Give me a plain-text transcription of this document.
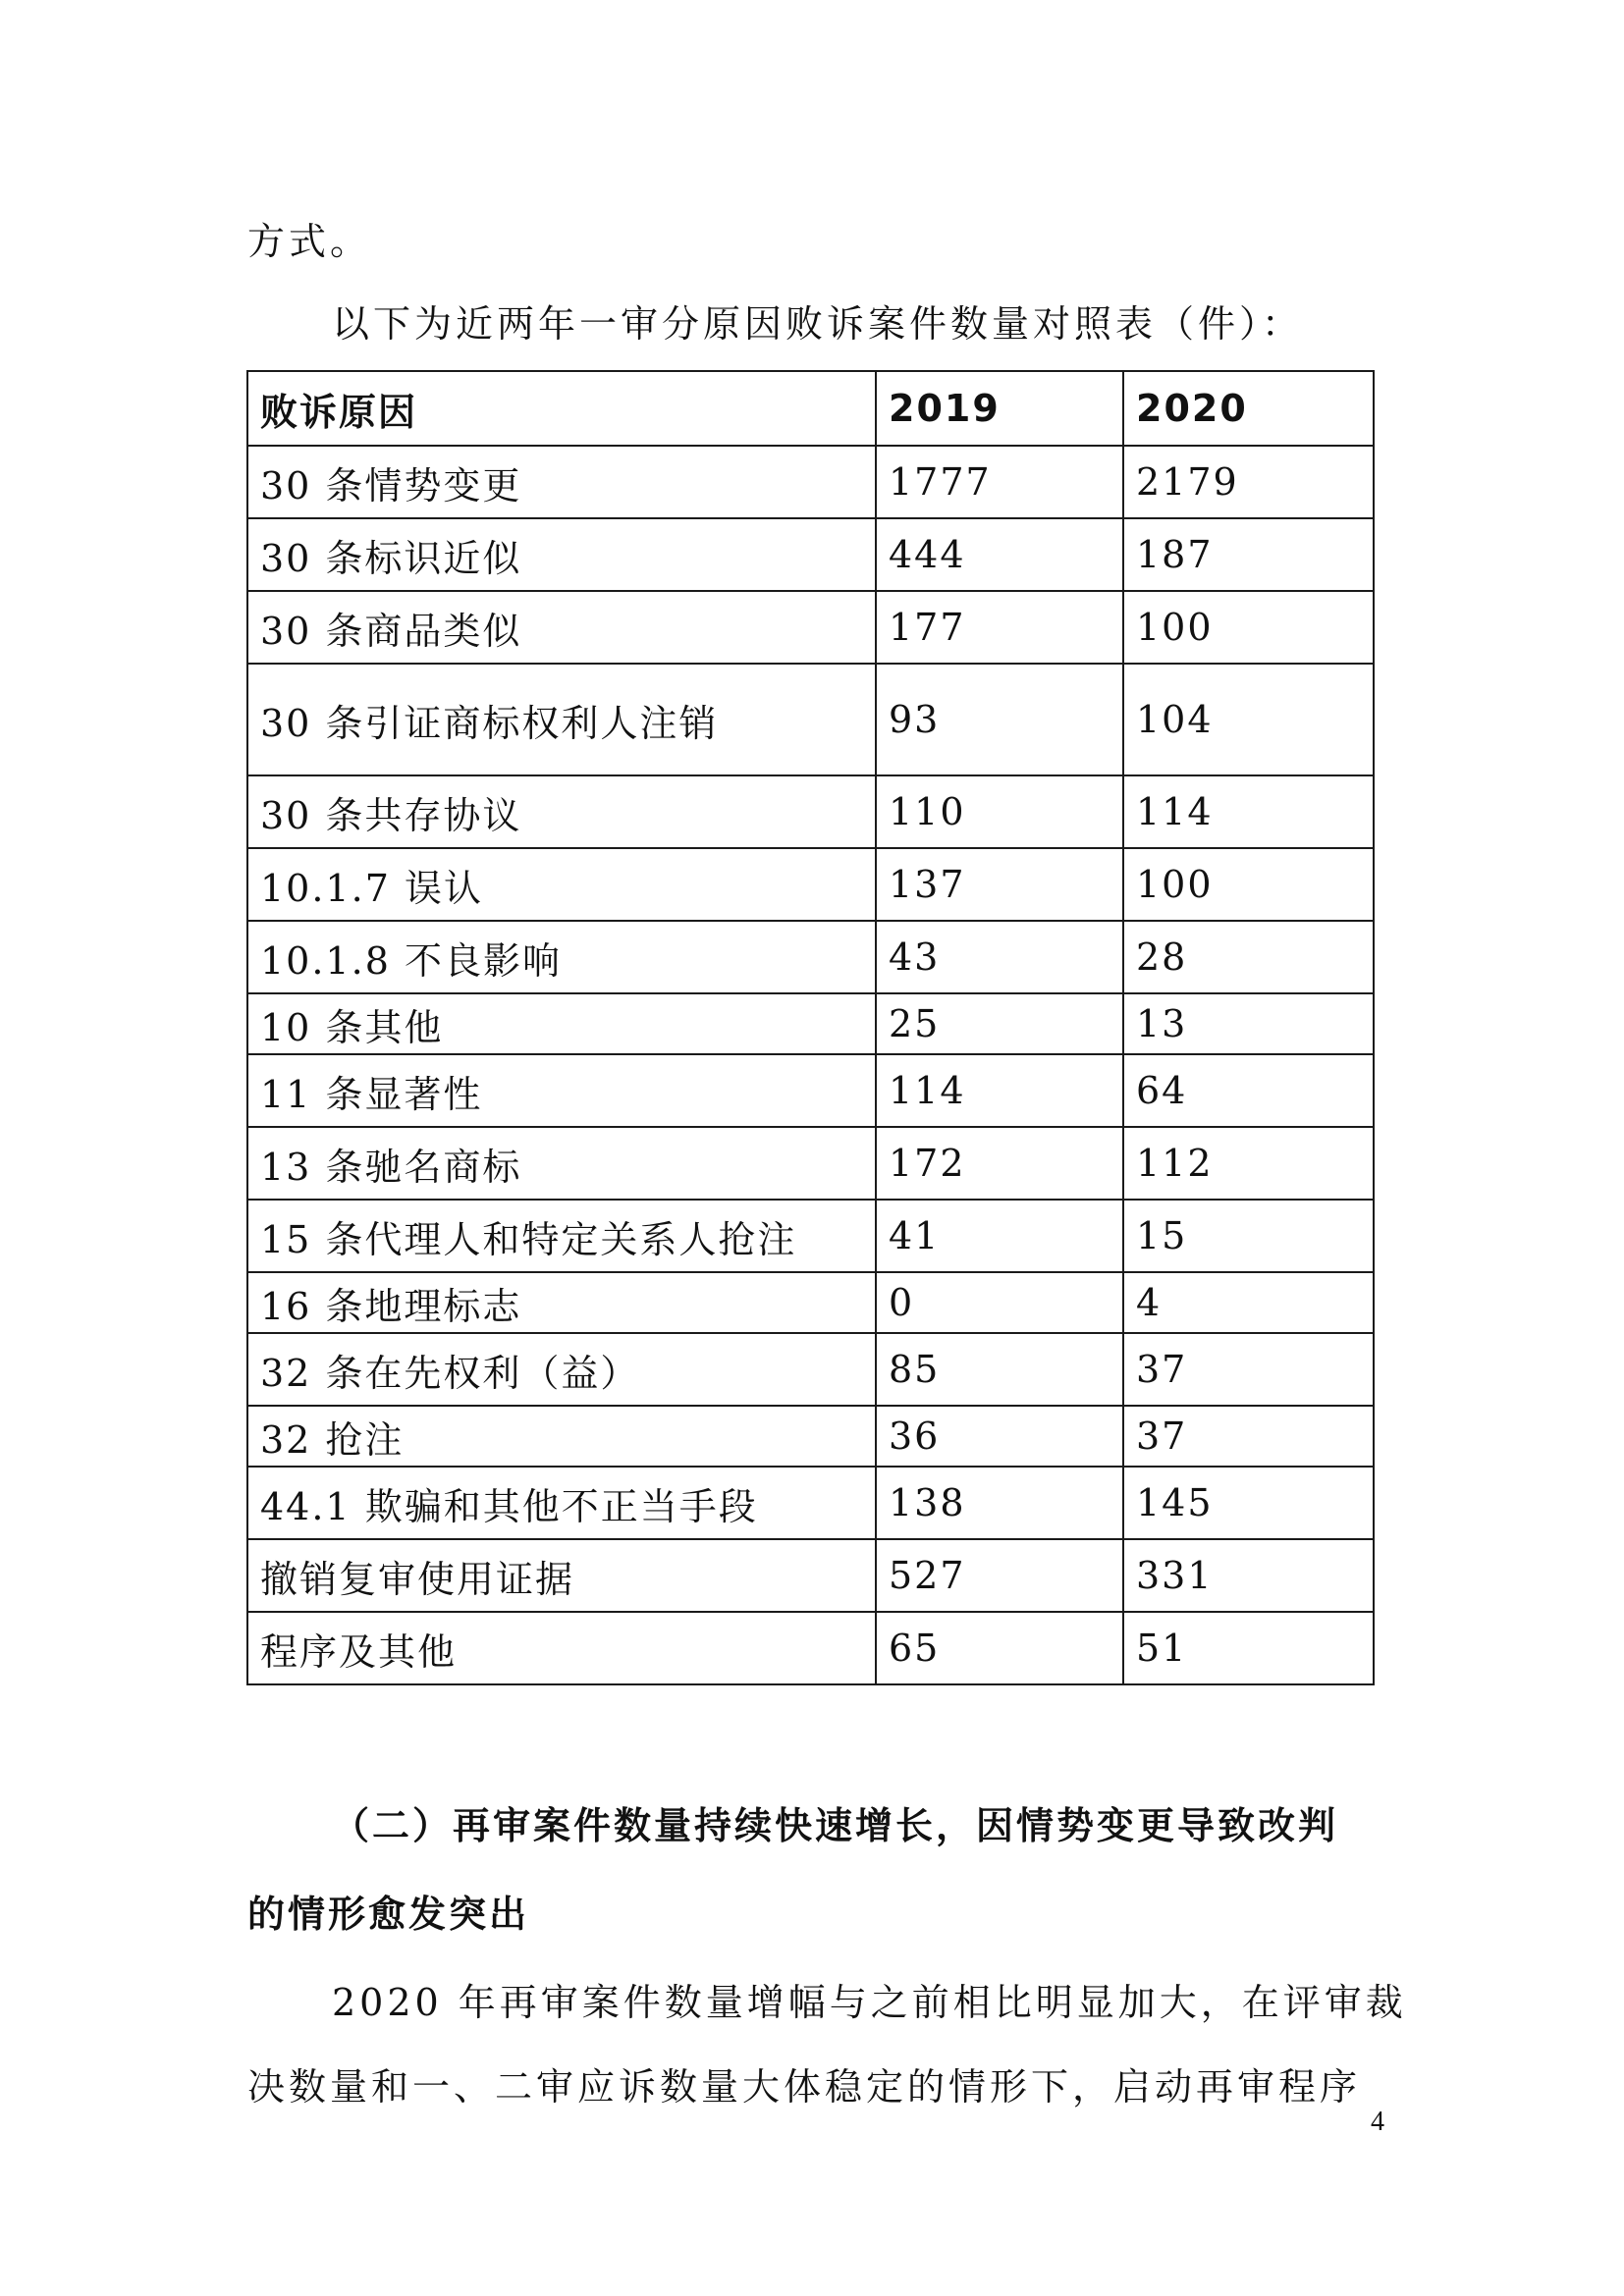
方式。
以下为近两年一审分原因败诉案件数量对照表（件）：
败诉原因	2019	2020
30 条情势变更	1777	2179
30 条标识近似	444	187
30 条商品类似	177	100
30 条引证商标权利人注销	93	104
30 条共存协议	110	114
10.1.7 误认	137	100
10.1.8 不良影响	43	28
10 条其他	25	13
11 条显著性	114	64
13 条驰名商标	172	112
15 条代理人和特定关系人抢注	41	15
16 条地理标志	0	4
32 条在先权利（益）	85	37
32 抢注	36	37
44.1 欺骗和其他不正当手段	138	145
撤销复审使用证据	527	331
程序及其他	65	51
（二）再审案件数量持续快速增长，因情势变更导致改判
的情形愈发突出
2020 年再审案件数量增幅与之前相比明显加大，在评审裁
决数量和一、二审应诉数量大体稳定的情形下，启动再审程序
4
